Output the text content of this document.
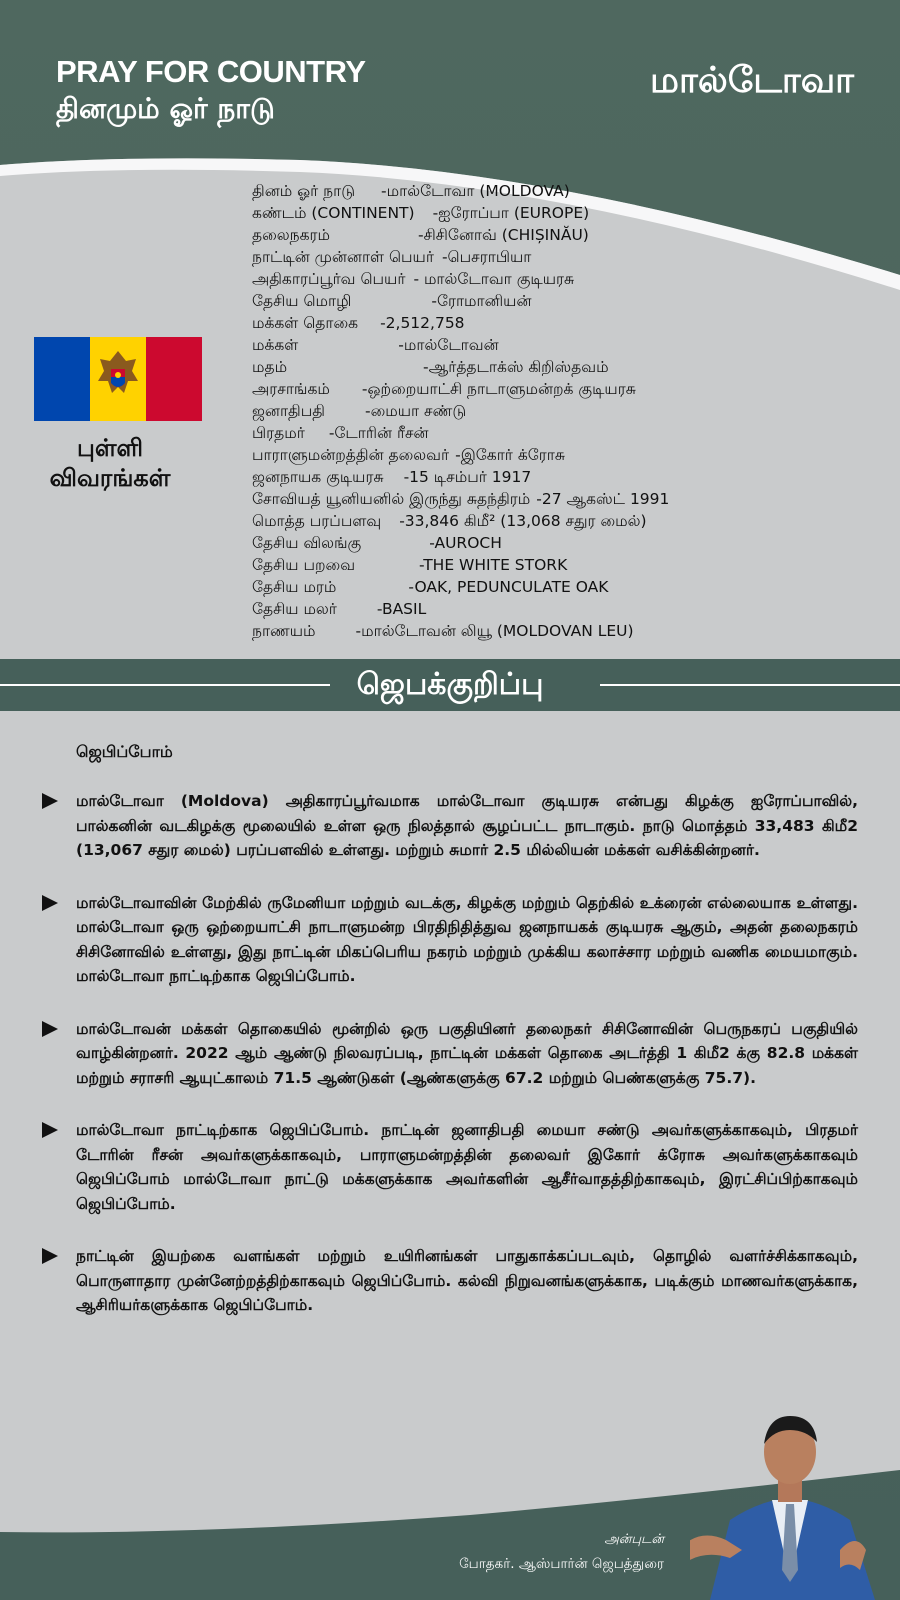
PRAY FOR COUNTRY
தினமும் ஓர் நாடு
மால்டோவா
புள்ளி
விவரங்கள்
தினம் ஓர் நாடு -மால்டோவா (MOLDOVA)
கண்டம் (CONTINENT) -ஐரோப்பா (EUROPE)
தலைநகரம்	-சிசினோவ் (CHIȘINĂU)
நாட்டின் முன்னாள் பெயர் -பெசராபியா
அதிகாரப்பூர்வ பெயர் - மால்டோவா குடியரசு
தேசிய மொழி	-ரோமானியன்
மக்கள் தொகை -2,512,758
மக்கள்	-மால்டோவன்
மதம்	-ஆர்த்தடாக்ஸ் கிறிஸ்தவம்
அரசாங்கம் -ஒற்றையாட்சி நாடாளுமன்றக் குடியரசு
ஜனாதிபதி	-மையா சண்டு
பிரதமர் -டோரின் ரீசன்
பாராளுமன்றத்தின் தலைவர் -இகோர் க்ரோசு
ஜனநாயக குடியரசு -15 டிசம்பர் 1917
சோவியத் யூனியனில் இருந்து சுதந்திரம் -27 ஆகஸ்ட் 1991
மொத்த பரப்பளவு -33,846 கிமீ² (13,068 சதுர மைல்)
தேசிய விலங்கு	-AUROCH
தேசிய பறவை	-THE WHITE STORK
தேசிய மரம்	-OAK, PEDUNCULATE OAK
தேசிய மலர்	-BASIL
நாணயம்	-மால்டோவன் லியூ (MOLDOVAN LEU)
ஜெபக்குறிப்பு
ஜெபிப்போம்

மால்டோவா (Moldova) அதிகாரப்பூர்வமாக மால்டோவா குடியரசு என்பது கிழக்கு ஐரோப்பாவில், பால்கனின் வடகிழக்கு மூலையில் உள்ள ஒரு நிலத்தால் சூழப்பட்ட நாடாகும். நாடு மொத்தம் 33,483 கிமீ2 (13,067 சதுர மைல்) பரப்பளவில் உள்ளது. மற்றும் சுமார் 2.5 மில்லியன் மக்கள் வசிக்கின்றனர்.

மால்டோவாவின் மேற்கில் ருமேனியா மற்றும் வடக்கு, கிழக்கு மற்றும் தெற்கில் உக்ரைன் எல்லையாக உள்ளது. மால்டோவா ஒரு ஒற்றையாட்சி நாடாளுமன்ற பிரதிநிதித்துவ ஜனநாயகக் குடியரசு ஆகும், அதன் தலைநகரம் சிசினோவில் உள்ளது, இது நாட்டின் மிகப்பெரிய நகரம் மற்றும் முக்கிய கலாச்சார மற்றும் வணிக மையமாகும். மால்டோவா நாட்டிற்காக ஜெபிப்போம்.

மால்டோவன் மக்கள் தொகையில் மூன்றில் ஒரு பகுதியினர் தலைநகர் சிசினோவின் பெருநகரப் பகுதியில் வாழ்கின்றனர். 2022 ஆம் ஆண்டு நிலவரப்படி, நாட்டின் மக்கள் தொகை அடர்த்தி 1 கிமீ2 க்கு 82.8 மக்கள் மற்றும் சராசரி ஆயுட்காலம் 71.5 ஆண்டுகள் (ஆண்களுக்கு 67.2 மற்றும் பெண்களுக்கு 75.7).

மால்டோவா நாட்டிற்காக ஜெபிப்போம். நாட்டின் ஜனாதிபதி மையா சண்டு அவர்களுக்காகவும், பிரதமர் டோரின் ரீசன் அவர்களுக்காகவும், பாராளுமன்றத்தின் தலைவர் இகோர் க்ரோசு அவர்களுக்காகவும் ஜெபிப்போம் மால்டோவா நாட்டு மக்களுக்காக அவர்களின் ஆசீர்வாதத்திற்காகவும், இரட்சிப்பிற்காகவும் ஜெபிப்போம்.

நாட்டின் இயற்கை வளங்கள் மற்றும் உயிரினங்கள் பாதுகாக்கப்படவும், தொழில் வளர்ச்சிக்காகவும், பொருளாதார முன்னேற்றத்திற்காகவும் ஜெபிப்போம். கல்வி நிறுவனங்களுக்காக, படிக்கும் மாணவர்களுக்காக, ஆசிரியர்களுக்காக ஜெபிப்போம்.

அன்புடன்
போதகர். ஆஸ்பார்ன் ஜெபத்துரை
